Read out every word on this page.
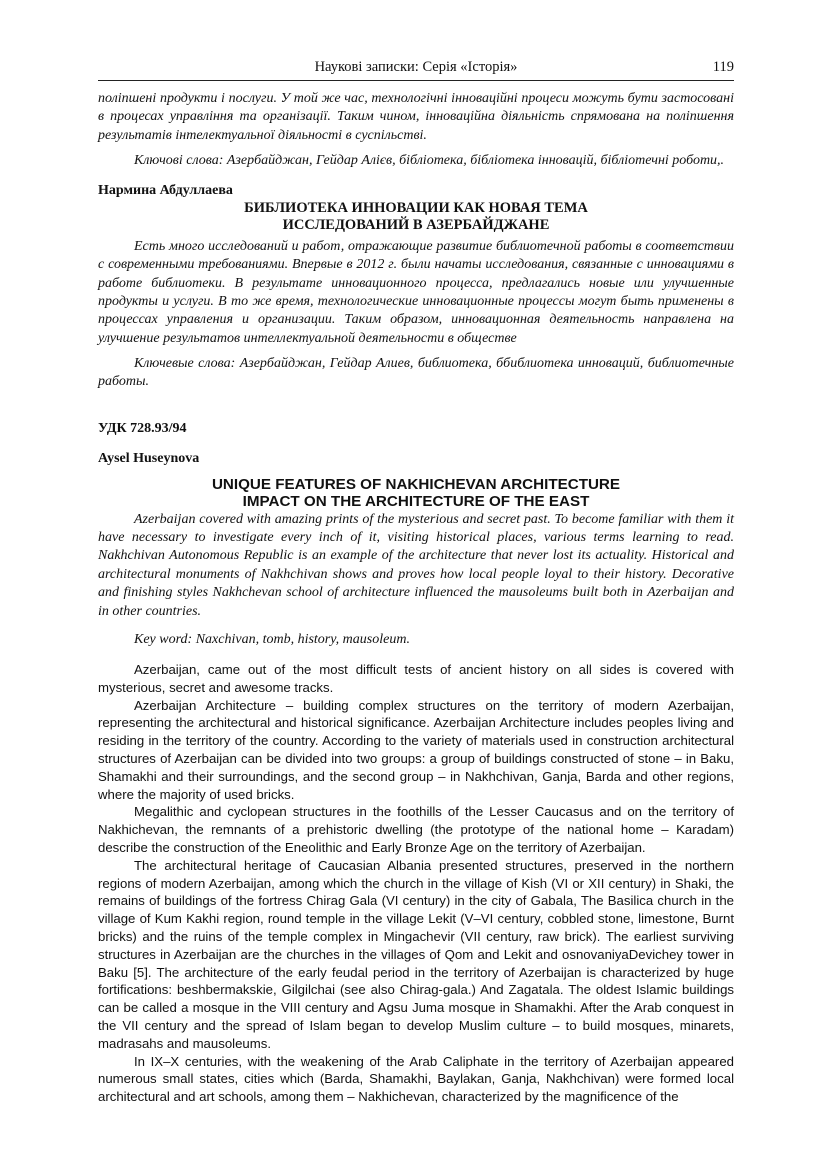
Наукові записки: Серія «Історія»	119

поліпшені продукти і послуги. У той же час, технологічні інноваційні процеси можуть бути застосовані в процесах управління та організації. Таким чином, інноваційна діяльність спрямована на поліпшення результатів інтелектуальної діяльності в суспільстві.

Ключові слова: Азербайджан, Гейдар Алієв, бібліотека, бібліотека інновацій, бібліотечні роботи,.

Нармина Абдуллаева

БИБЛИОТЕКА ИННОВАЦИИ КАК НОВАЯ ТЕМА

ИССЛЕДОВАНИЙ В АЗЕРБАЙДЖАНЕ

Есть много исследований и работ, отражающие развитие библиотечной работы в соответствии с современными требованиями. Впервые в 2012 г. были начаты исследования, связанные с инновациями в работе библиотеки. В результате инновационного процесса, предлагались новые или улучшенные продукты и услуги. В то же время, технологические инновационные процессы могут быть применены в процессах управления и организации. Таким образом, инновационная деятельность направлена на улучшение результатов интеллектуальной деятельности в обществе

Ключевые слова: Азербайджан, Гейдар Алиев, библиотека, ббиблиотека инноваций, библиотечные работы.

УДК 728.93/94

Aysel Huseynova

UNIQUE FEATURES OF NAKHICHEVAN ARCHITECTURE

IMPACT ON THE ARCHITECTURE OF THE EAST

Azerbaijan covered with amazing prints of the mysterious and secret past. To become familiar with them it have necessary to investigate every inch of it, visiting historical places, various terms learning to read. Nakhchivan Autonomous Republic is an example of the architecture that never lost its actuality. Historical and architectural monuments of Nakhchivan shows and proves how local people loyal to their history. Decorative and finishing styles Nakhchevan school of architecture influenced the mausoleums built both in Azerbaijan and in other countries.

Key word: Naxchivan, tomb, history, mausoleum.

Azerbaijan, came out of the most difficult tests of ancient history on all sides is covered with mysterious, secret and awesome tracks.

Azerbaijan Architecture – building complex structures on the territory of modern Azerbaijan, representing the architectural and historical significance. Azerbaijan Architecture includes peoples living and residing in the territory of the country. According to the variety of materials used in construction architectural structures of Azerbaijan can be divided into two groups: a group of buildings constructed of stone – in Baku, Shamakhi and their surroundings, and the second group – in Nakhchivan, Ganja, Barda and other regions, where the majority of used bricks.

Megalithic and cyclopean structures in the foothills of the Lesser Caucasus and on the territory of Nakhichevan, the remnants of a prehistoric dwelling (the prototype of the national home – Karadam) describe the construction of the Eneolithic and Early Bronze Age on the territory of Azerbaijan.

The architectural heritage of Caucasian Albania presented structures, preserved in the northern regions of modern Azerbaijan, among which the church in the village of Kish (VI or XII century) in Shaki, the remains of buildings of the fortress Chirag Gala (VI century) in the city of Gabala, The Basilica church in the village of Kum Kakhi region, round temple in the village Lekit (V–VI century, cobbled stone, limestone, Burnt bricks) and the ruins of the temple complex in Mingachevir (VII century, raw brick). The earliest surviving structures in Azerbaijan are the churches in the villages of Qom and Lekit and osnovaniyaDevichey tower in Baku [5]. The architecture of the early feudal period in the territory of Azerbaijan is characterized by huge fortifications: beshbermakskie, Gilgilchai (see also Chirag-gala.) And Zagatala. The oldest Islamic buildings can be called a mosque in the VIII century and Agsu Juma mosque in Shamakhi. After the Arab conquest in the VII century and the spread of Islam began to develop Muslim culture – to build mosques, minarets, madrasahs and mausoleums.

In IX–X centuries, with the weakening of the Arab Caliphate in the territory of Azerbaijan appeared numerous small states, cities which (Barda, Shamakhi, Baylakan, Ganja, Nakhchivan) were formed local architectural and art schools, among them – Nakhichevan, characterized by the magnificence of the
